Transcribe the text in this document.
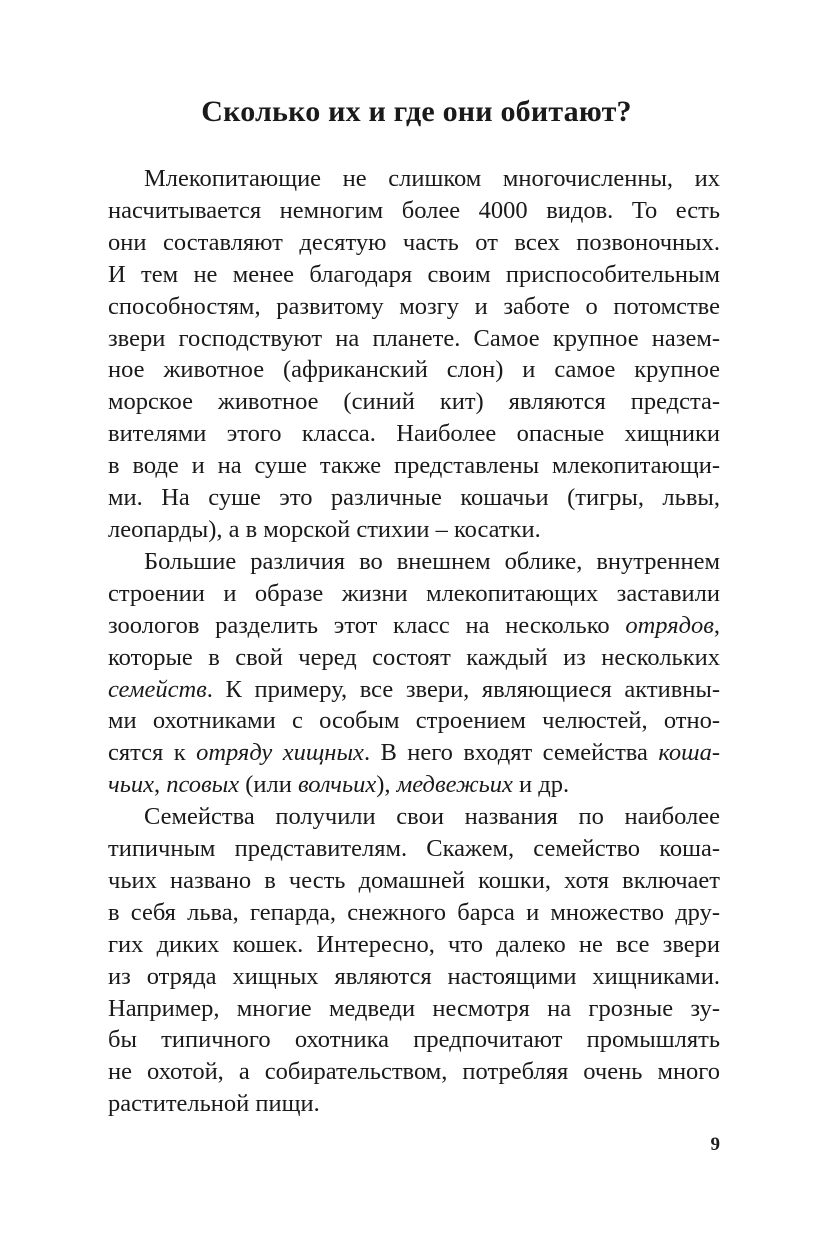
Сколько их и где они обитают?

Млекопитающие не слишком многочисленны, их
насчитывается немногим более 4000 видов. То есть
они составляют десятую часть от всех позвоночных.
И тем не менее благодаря своим приспособительным
способностям, развитому мозгу и заботе о потомстве
звери господствуют на планете. Самое крупное назем-
ное животное (африканский слон) и самое крупное
морское животное (синий кит) являются предста-
вителями этого класса. Наиболее опасные хищники
в воде и на суше также представлены млекопитающи-
ми. На суше это различные кошачьи (тигры, львы,
леопарды), а в морской стихии – косатки.

Большие различия во внешнем облике, внутреннем
строении и образе жизни млекопитающих заставили
зоологов разделить этот класс на несколько отрядов,
которые в свой черед состоят каждый из нескольких
семейств. К примеру, все звери, являющиеся активны-
ми охотниками с особым строением челюстей, отно-
сятся к отряду хищных. В него входят семейства коша-
чьих, псовых (или волчьих), медвежьих и др.

Семейства получили свои названия по наиболее
типичным представителям. Скажем, семейство коша-
чьих названо в честь домашней кошки, хотя включает
в себя льва, гепарда, снежного барса и множество дру-
гих диких кошек. Интересно, что далеко не все звери
из отряда хищных являются настоящими хищниками.
Например, многие медведи несмотря на грозные зу-
бы типичного охотника предпочитают промышлять
не охотой, а собирательством, потребляя очень много
растительной пищи.

9
